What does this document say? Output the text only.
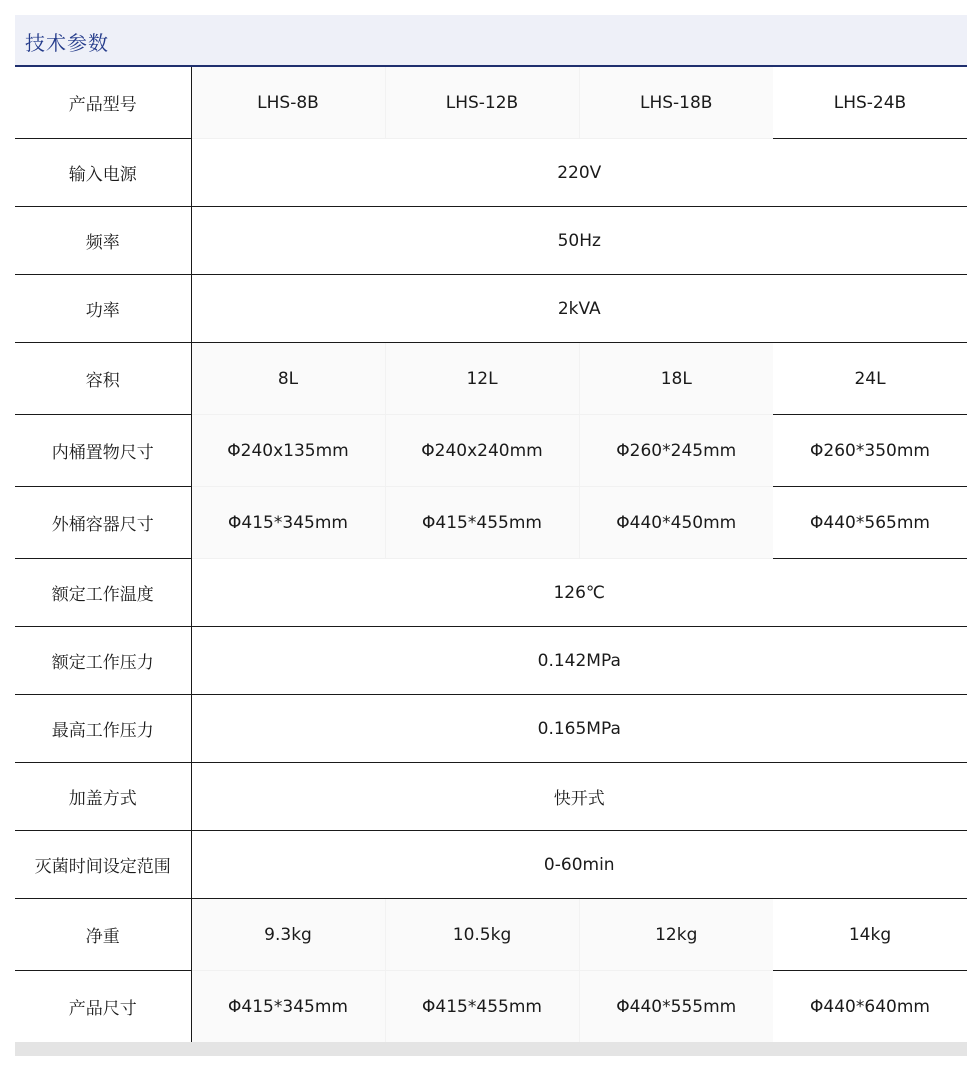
技术参数
产品型号	LHS-8B	LHS-12B	LHS-18B	LHS-24B
输入电源	220V			
频率	50Hz			
功率	2kVA			
容积	8L	12L	18L	24L
内桶置物尺寸	Φ240x135mm	Φ240x240mm	Φ260*245mm	Φ260*350mm
外桶容器尺寸	Φ415*345mm	Φ415*455mm	Φ440*450mm	Φ440*565mm
额定工作温度	126℃			
额定工作压力	0.142MPa			
最高工作压力	0.165MPa			
加盖方式	快开式			
灭菌时间设定范围	0-60min			
净重	9.3kg	10.5kg	12kg	14kg
产品尺寸	Φ415*345mm	Φ415*455mm	Φ440*555mm	Φ440*640mm
